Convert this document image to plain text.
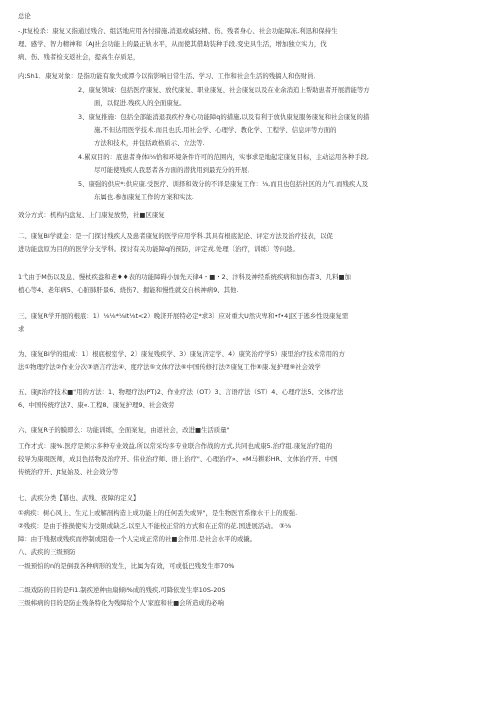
总论
-.Jt复检杀：康复又指通过残合、组活地应用各忖措施,消退或威轻精、伤、残者身心、社会功能障冻,利迅和保持生
理、感学、智力精神和〔AJ社会功能上的最正轨水平，从而使其借助装种手段.变史具生活，增加独立实力，伐
病、伤、残者检支返社会，提高生存质足，
内;Sh1．康复对象：是指功能有象失或潭今以衔影响日常生活、学习、工作和社会生活的残搞人和伤财員．
2、康复领域：包括医疗康复、放代康复、职业康复、社会康复以及在业余消追上帮助患者开展潜能等方
面，以促进.残疾人的全面康复。
3、康复推施：包括全部能消退我疾柠身心功能障q的措施,以及有利于放仇康复服务康复和社会康复的措
施,不但达用医学技术.而且也氏,用社会学、心理学、教化学、工程学、信息评等方面的
方法和技术，并包括政格质示、立法等.
4.累双目的：底患者身体i⅛恰和环境条件许可的范围内，实事求是地起定康复目标，主动运用各种手段,
尽可能使残疾人我恶者各方面的潜犹用到最充分的开展．
5、康强的供应*:供应康.受医疗、训择和效分的不译是康复工作：⅛,而且也包括社区的力气.而残疾人及
东属也.参加康复工作的方案和实汰.
效分方式：机构内盘复、上门康复放势，社■区康复
二、康复Bi学就金：是一门探讨残疾人及患者康复的医学应用学科.其具有根底泥论、评定方法及治疗技表，以促
进功能盘原为目的的医学分支学科。探讨有关功能障q的预防，评定戎.处理〔治疗，训练〕等问趁。
1弋由于M伤以及息、慢杖疾盎和老♦♦表的功能障碍小加先天律4・■・2、汴科及神经系统疾病和加伤者3、几料■加
植心等4、老年病5、心脏肺肝景6、烧伤7、揭能和慢性就交自核神病9、其他.
三、康复R学开展的根底：1）⅛⅛*⅛it⅛t<2）晚济开展特必定*求3〕应对重大U然灾卑和•f•4]区于逃乡性设康复需
求
为、康复Bi学的组成：1〕根底根室学、2〕康复残疾学、3）康复济定学、4）康笑治疗学5）康里治疗技术常用的方
法①物理疗法②作业分次③语言疗法④、度疗法⑤文体疗法⑥中国传修打法⑦康复工作⑧康.复护理⑨社会效学
五、康Jt治疗技术■"用的方法：1、物理疗法(PT)2、作业疗法（OT）3、言语疗法（ST）4、心理疗法5、文体疗法
6、中国传统疗法7、康«.工程8、康复护理9、社会效劳
六、康复R子的膜即么：功能训练，全面案复，由返社会，改进■生活质量"
工作才式：康%.医疗是须示多种专业效益,所以常采均多专业联合作战的方式,共同也成康5.治疗组.康复治疗组的
较导为康現医师，成貝色括物及治疗开、伟业治疗师、语上治疗"、心理治疗»、«M马耕彩HR、文体治疗开、中国
传统治疗开、Jt复始及、社会效分等
七、武疾分类【纂也、武残、夜障的定义】
①病疾：树心风上、生元上或解剖构造上成功能上的任何丢失或异"，是生物医官系像水干上的废强.
②残疾：是由于推损使实力受限或缺乏,以至人不能校正常的方式和在正常的花.国进展活动。 ③⅛
障：由于残据或残疾而停制或阻卷一个人完成正常的社■会作用.是社会水平的或撬。
八、武疾的三级预防
一级预怕的n的是倒我各种病形的发生，比属为有效，可或低巴残发生率70%
二级戏防的目的是Fi1.制疾逆种由扇倾i%成的残疾,可降依发生率10S-20S
三级帏病的目的是防止残条特化为残障给个人'家庭和社■会所造成的必响
